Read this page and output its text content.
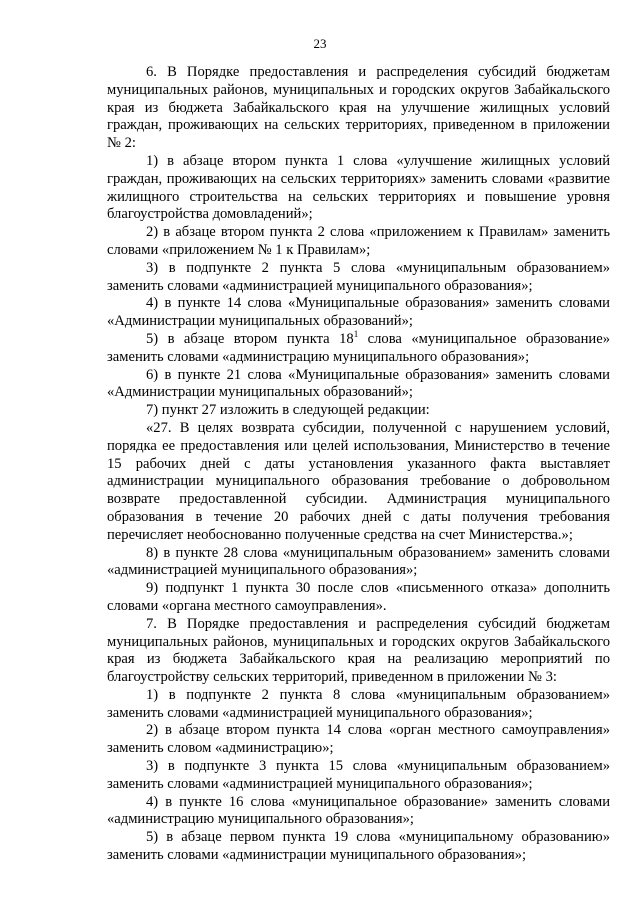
23

6. В Порядке предоставления и распределения субсидий бюджетам муниципальных районов, муниципальных и городских округов Забайкальского края из бюджета Забайкальского края на улучшение жилищных условий граждан, проживающих на сельских территориях, приведенном в приложении № 2:

1) в абзаце втором пункта 1 слова «улучшение жилищных условий граждан, проживающих на сельских территориях» заменить словами «развитие жилищного строительства на сельских территориях и повышение уровня благоустройства домовладений»;

2) в абзаце втором пункта 2 слова «приложением к Правилам» заменить словами «приложением № 1 к Правилам»;

3) в подпункте 2 пункта 5 слова «муниципальным образованием» заменить словами «администрацией муниципального образования»;

4) в пункте 14 слова «Муниципальные образования» заменить словами «Администрации муниципальных образований»;

5) в абзаце втором пункта $18^1$ слова «муниципальное образование» заменить словами «администрацию муниципального образования»;

6) в пункте 21 слова «Муниципальные образования» заменить словами «Администрации муниципальных образований»;

7) пункт 27 изложить в следующей редакции:

«27. В целях возврата субсидии, полученной с нарушением условий, порядка ее предоставления или целей использования, Министерство в течение 15 рабочих дней с даты установления указанного факта выставляет администрации муниципального образования требование о добровольном возврате предоставленной субсидии. Администрация муниципального образования в течение 20 рабочих дней с даты получения требования перечисляет необоснованно полученные средства на счет Министерства.»;

8) в пункте 28 слова «муниципальным образованием» заменить словами «администрацией муниципального образования»;

9) подпункт 1 пункта 30 после слов «письменного отказа» дополнить словами «органа местного самоуправления».

7. В Порядке предоставления и распределения субсидий бюджетам муниципальных районов, муниципальных и городских округов Забайкальского края из бюджета Забайкальского края на реализацию мероприятий по благоустройству сельских территорий, приведенном в приложении № 3:

1) в подпункте 2 пункта 8 слова «муниципальным образованием» заменить словами «администрацией муниципального образования»;

2) в абзаце втором пункта 14 слова «орган местного самоуправления» заменить словом «администрацию»;

3) в подпункте 3 пункта 15 слова «муниципальным образованием» заменить словами «администрацией муниципального образования»;

4) в пункте 16 слова «муниципальное образование» заменить словами «администрацию муниципального образования»;

5) в абзаце первом пункта 19 слова «муниципальному образованию» заменить словами «администрации муниципального образования»;
